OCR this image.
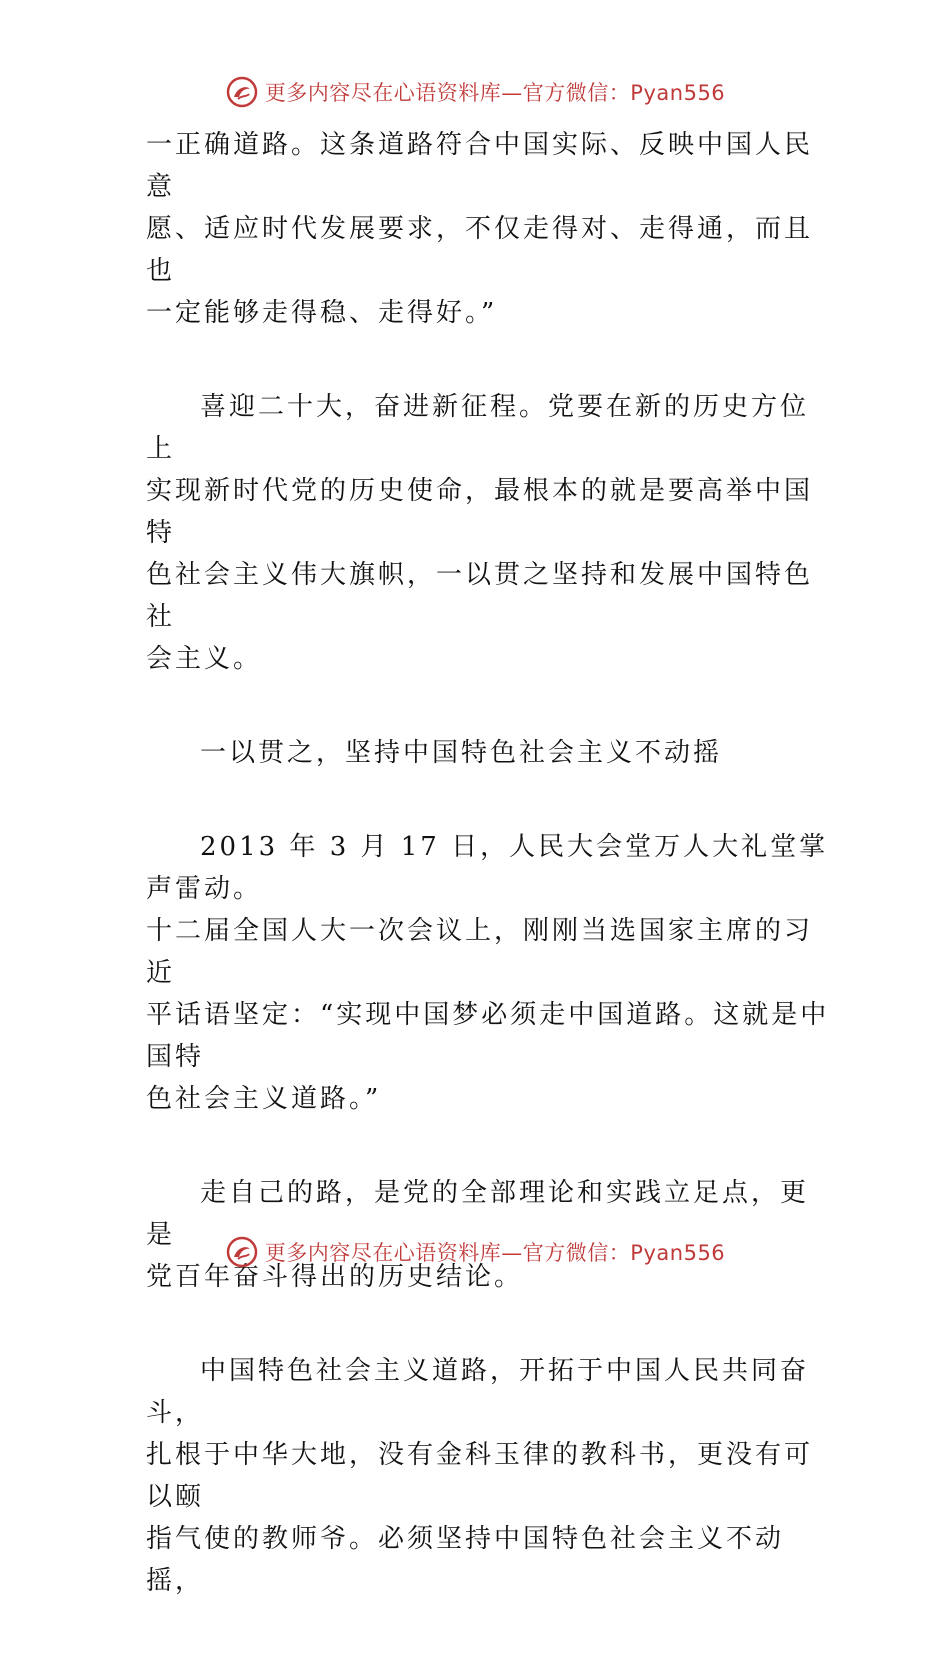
更多内容尽在心语资料库—官方微信：Pyan556

一正确道路。这条道路符合中国实际、反映中国人民意
愿、适应时代发展要求，不仅走得对、走得通，而且也
一定能够走得稳、走得好。”

喜迎二十大，奋进新征程。党要在新的历史方位上
实现新时代党的历史使命，最根本的就是要高举中国特
色社会主义伟大旗帜，一以贯之坚持和发展中国特色社
会主义。

一以贯之，坚持中国特色社会主义不动摇

2013 年 3 月 17 日，人民大会堂万人大礼堂掌声雷动。
十二届全国人大一次会议上，刚刚当选国家主席的习近
平话语坚定：“实现中国梦必须走中国道路。这就是中国特
色社会主义道路。”

走自己的路，是党的全部理论和实践立足点，更是
党百年奋斗得出的历史结论。

中国特色社会主义道路，开拓于中国人民共同奋斗，
扎根于中华大地，没有金科玉律的教科书，更没有可以颐
指气使的教师爷。必须坚持中国特色社会主义不动摇，

更多内容尽在心语资料库—官方微信：Pyan556
